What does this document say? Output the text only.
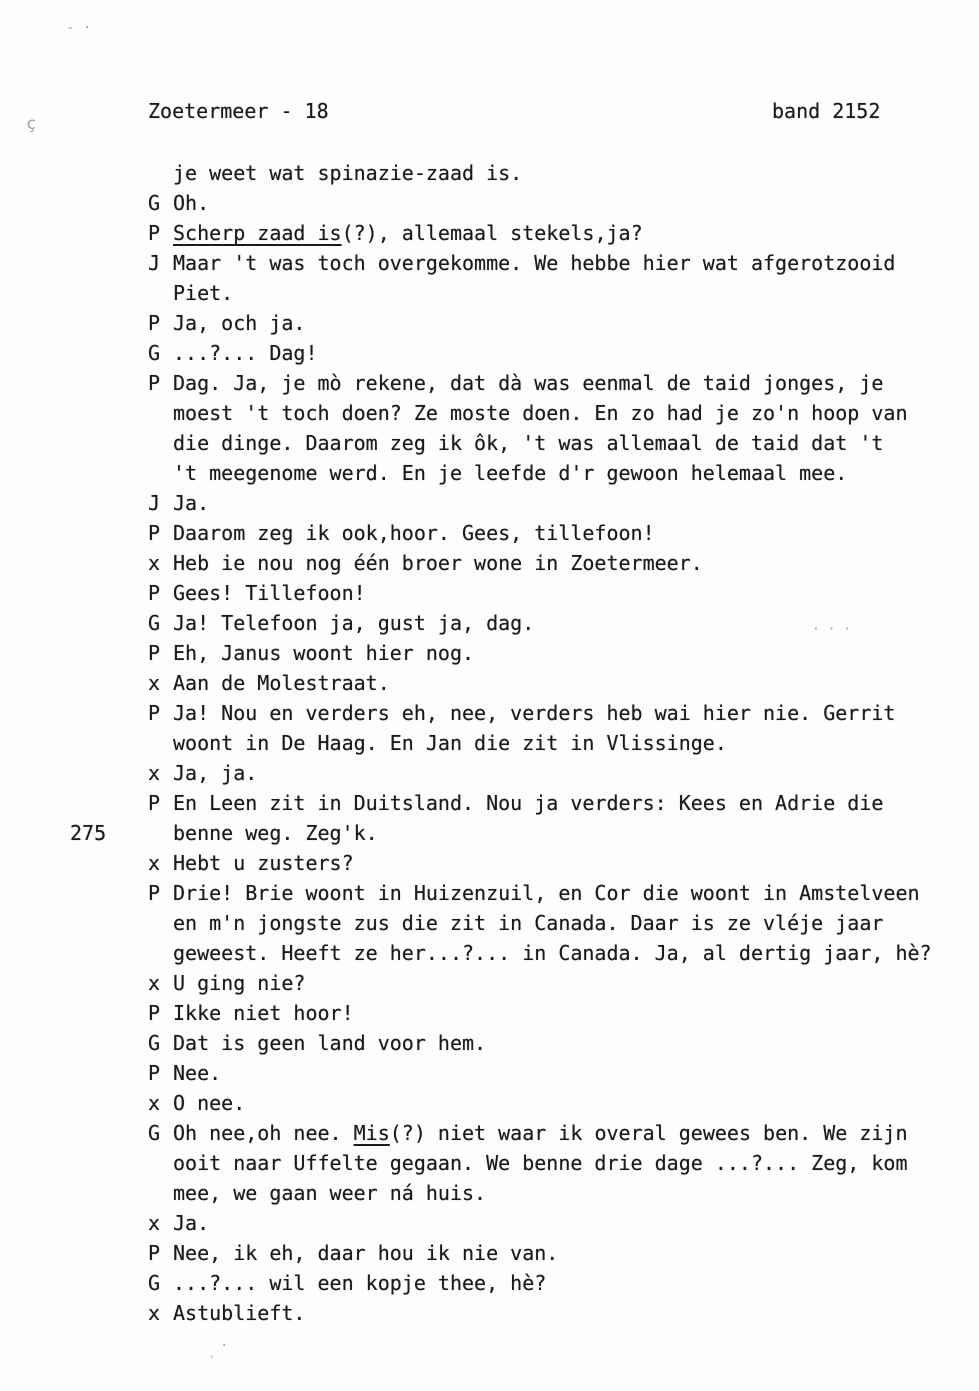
Zoetermeer - 18	band 2152
275
je weet wat spinazie-zaad is.
G Oh.
P Scherp zaad is(?), allemaal stekels,ja?
J Maar 't was toch overgekomme. We hebbe hier wat afgerotzooid
Piet.
P Ja, och ja.
G ...?... Dag!
P Dag. Ja, je mò rekene, dat dà was eenmal de taid jonges, je
moest 't toch doen? Ze moste doen. En zo had je zo'n hoop van
die dinge. Daarom zeg ik ôk, 't was allemaal de taid dat 't
't meegenome werd. En je leefde d'r gewoon helemaal mee.
J Ja.
P Daarom zeg ik ook,hoor. Gees, tillefoon!
x Heb ie nou nog één broer wone in Zoetermeer.
P Gees! Tillefoon!
G Ja! Telefoon ja, gust ja, dag.
P Eh, Janus woont hier nog.
x Aan de Molestraat.
P Ja! Nou en verders eh, nee, verders heb wai hier nie. Gerrit
woont in De Haag. En Jan die zit in Vlissinge.
x Ja, ja.
P En Leen zit in Duitsland. Nou ja verders: Kees en Adrie die
benne weg. Zeg'k.
x Hebt u zusters?
P Drie! Brie woont in Huizenzuil, en Cor die woont in Amstelveen
en m'n jongste zus die zit in Canada. Daar is ze vléje jaar
geweest. Heeft ze her...?... in Canada. Ja, al dertig jaar, hè?
x U ging nie?
P Ikke niet hoor!
G Dat is geen land voor hem.
P Nee.
x O nee.
G Oh nee,oh nee. Mis(?) niet waar ik overal gewees ben. We zijn
ooit naar Uffelte gegaan. We benne drie dage ...?... Zeg, kom
mee, we gaan weer ná huis.
x Ja.
P Nee, ik eh, daar hou ik nie van.
G ...?... wil een kopje thee, hè?
x Astublieft.
ç
- ·
· · ·
·
·
